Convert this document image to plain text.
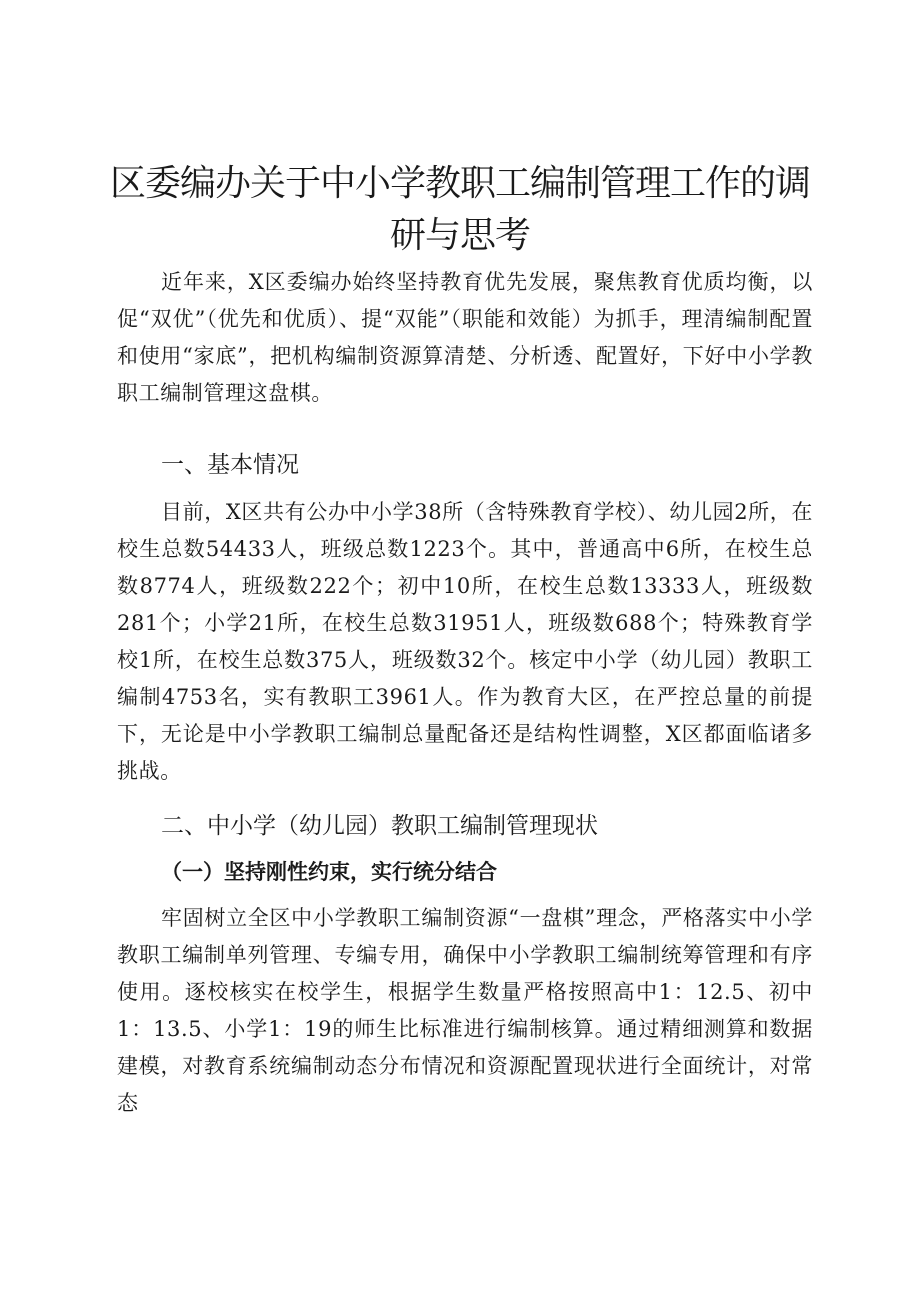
区委编办关于中小学教职工编制管理工作的调研与思考

近年来，X区委编办始终坚持教育优先发展，聚焦教育优质均衡，以促“双优”（优先和优质）、提“双能”（职能和效能）为抓手，理清编制配置和使用“家底”，把机构编制资源算清楚、分析透、配置好，下好中小学教职工编制管理这盘棋。

一、基本情况

目前，X区共有公办中小学38所（含特殊教育学校）、幼儿园2所，在校生总数54433人，班级总数1223个。其中，普通高中6所，在校生总数8774人，班级数222个；初中10所，在校生总数13333人，班级数281个；小学21所，在校生总数31951人，班级数688个；特殊教育学校1所，在校生总数375人，班级数32个。核定中小学（幼儿园）教职工编制4753名，实有教职工3961人。作为教育大区，在严控总量的前提下，无论是中小学教职工编制总量配备还是结构性调整，X区都面临诸多挑战。

二、中小学（幼儿园）教职工编制管理现状
（一）坚持刚性约束，实行统分结合

牢固树立全区中小学教职工编制资源“一盘棋”理念，严格落实中小学教职工编制单列管理、专编专用，确保中小学教职工编制统筹管理和有序使用。逐校核实在校学生，根据学生数量严格按照高中1：12.5、初中1：13.5、小学1：19的师生比标准进行编制核算。通过精细测算和数据建模，对教育系统编制动态分布情况和资源配置现状进行全面统计，对常态
